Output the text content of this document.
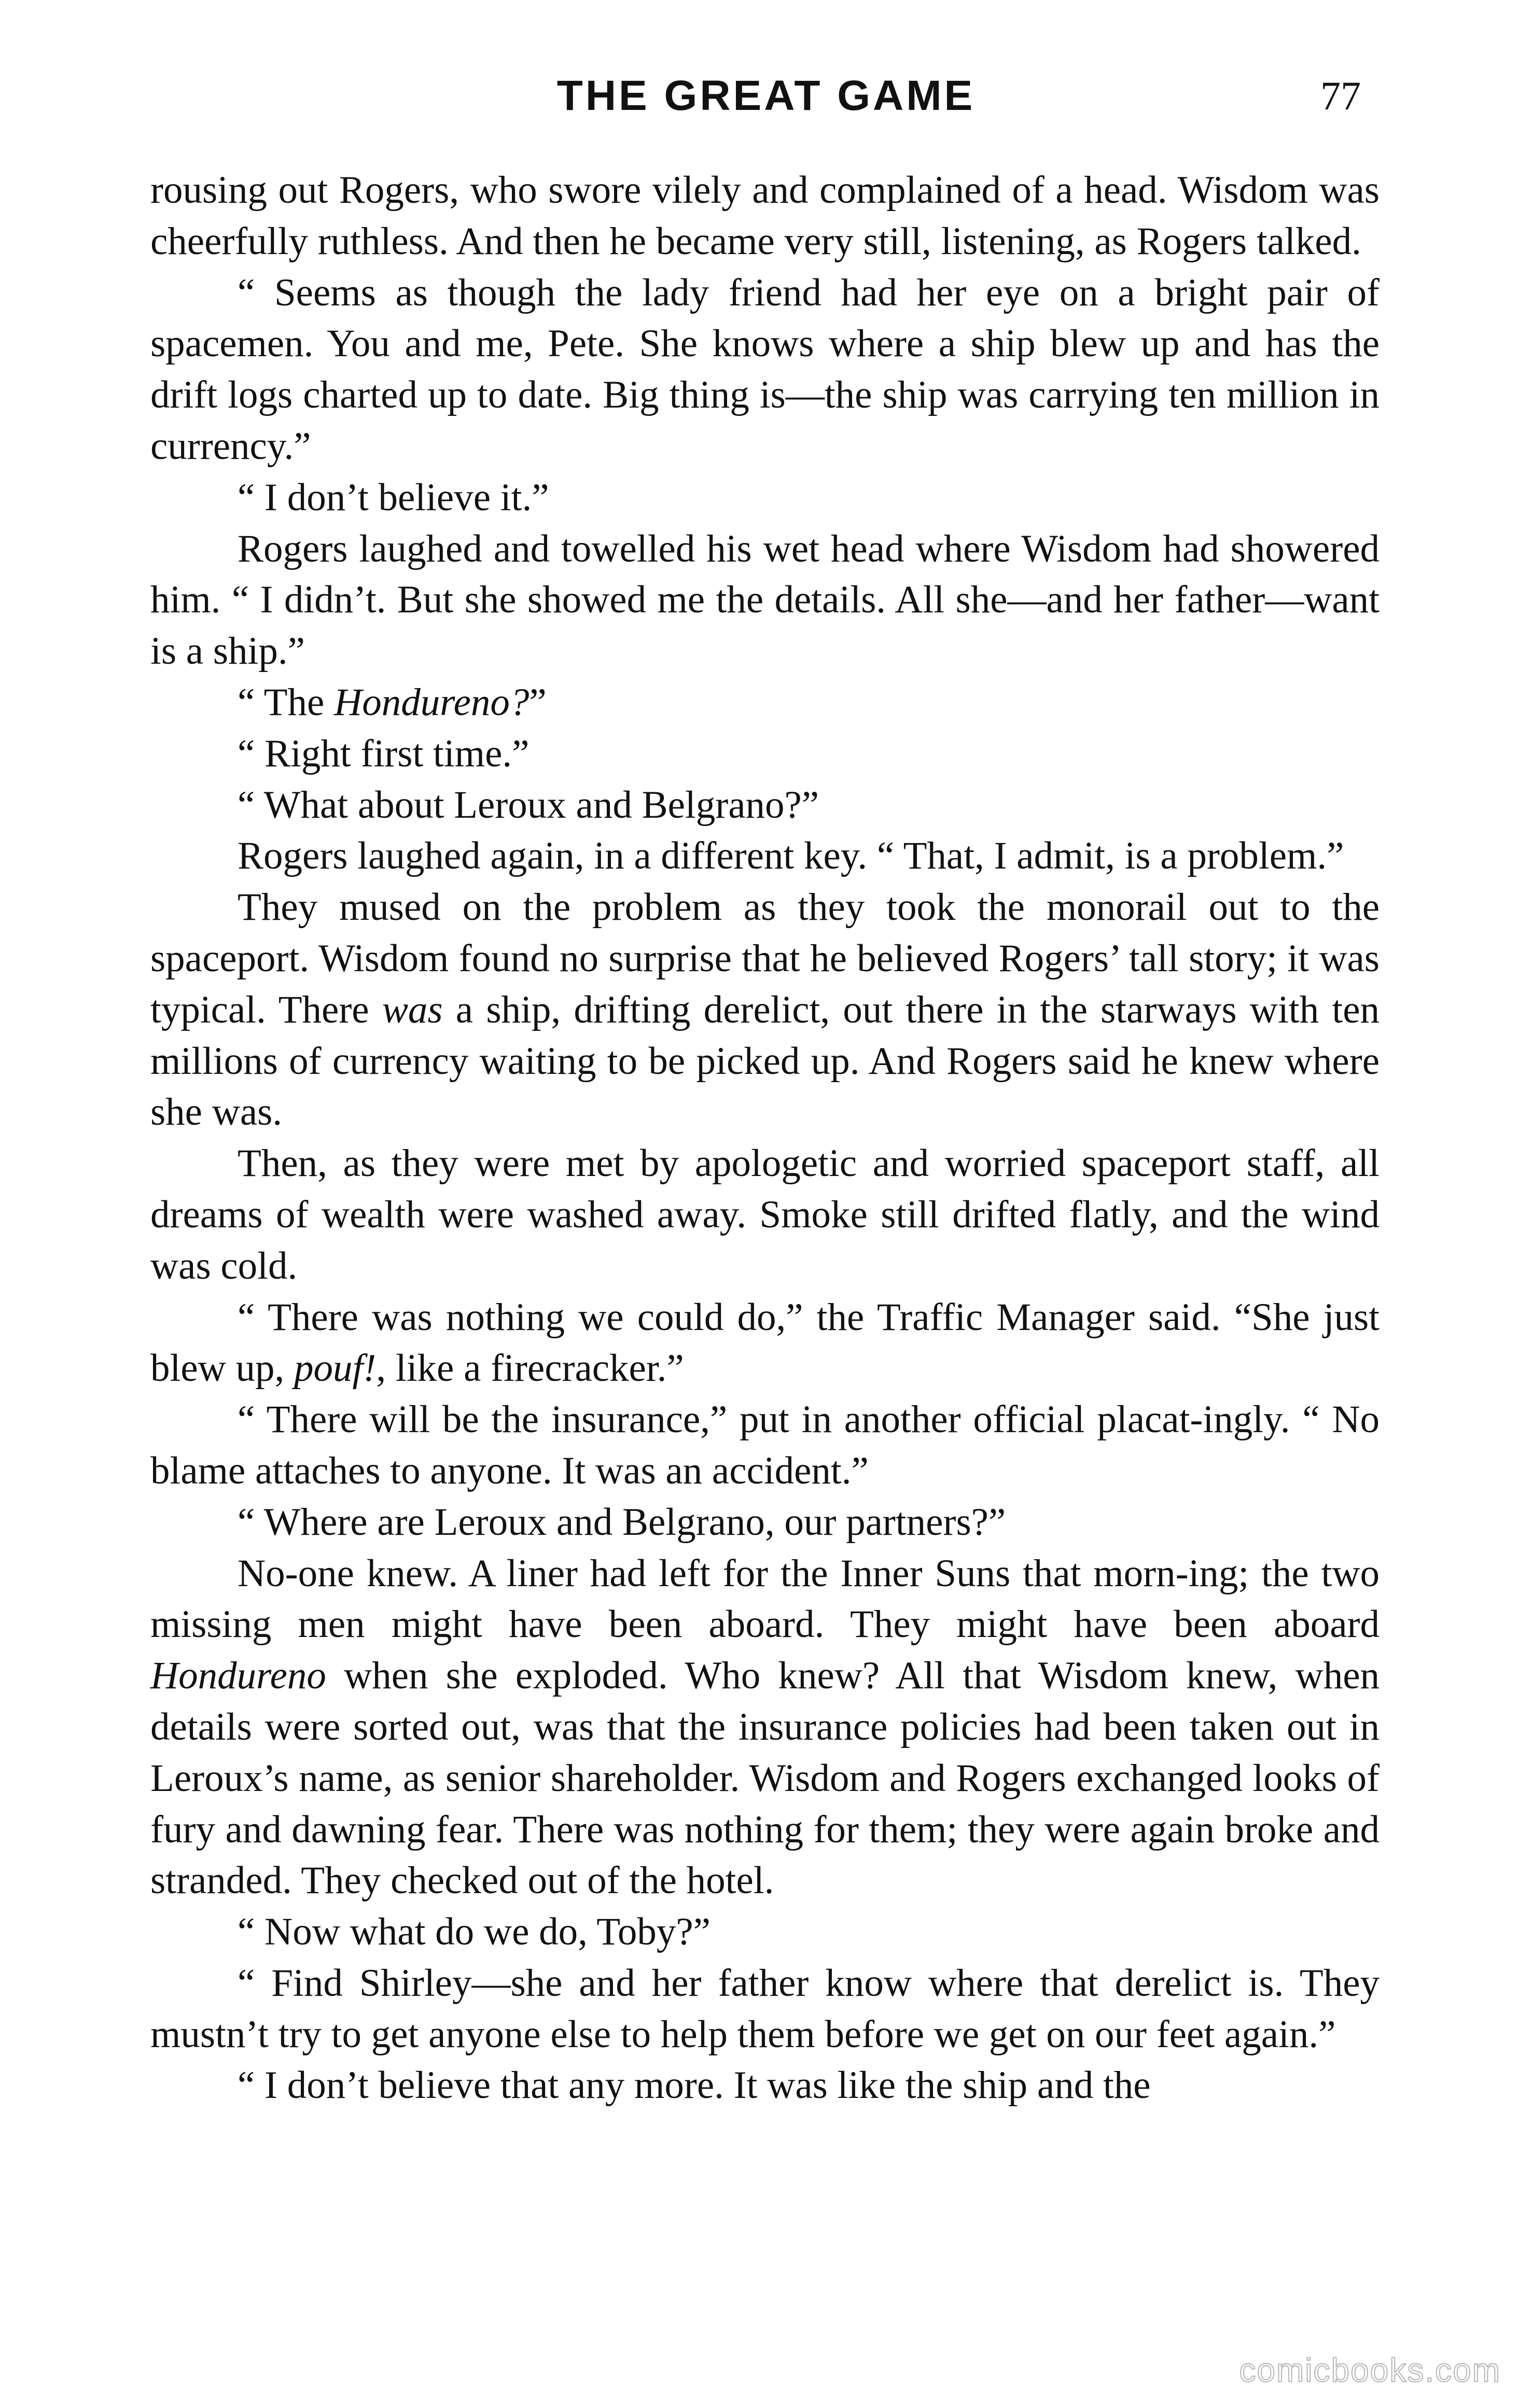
THE GREAT GAME	77

rousing out Rogers, who swore vilely and complained of a head. Wisdom was cheerfully ruthless. And then he became very still, listening, as Rogers talked.

“ Seems as though the lady friend had her eye on a bright pair of spacemen. You and me, Pete. She knows where a ship blew up and has the drift logs charted up to date. Big thing is—the ship was carrying ten million in currency.”

“ I don’t believe it.”

Rogers laughed and towelled his wet head where Wisdom had showered him. “ I didn’t. But she showed me the details. All she—and her father—want is a ship.”

“ The Hondureno?”

“ Right first time.”

“ What about Leroux and Belgrano?”

Rogers laughed again, in a different key. “ That, I admit, is a problem.”

They mused on the problem as they took the monorail out to the spaceport. Wisdom found no surprise that he believed Rogers’ tall story; it was typical. There was a ship, drifting derelict, out there in the starways with ten millions of currency waiting to be picked up. And Rogers said he knew where she was.

Then, as they were met by apologetic and worried spaceport staff, all dreams of wealth were washed away. Smoke still drifted flatly, and the wind was cold.

“ There was nothing we could do,” the Traffic Manager said. “She just blew up, pouf!, like a firecracker.”

“ There will be the insurance,” put in another official placat-ingly. “ No blame attaches to anyone. It was an accident.”

“ Where are Leroux and Belgrano, our partners?”

No-one knew. A liner had left for the Inner Suns that morn-ing; the two missing men might have been aboard. They might have been aboard Hondureno when she exploded. Who knew? All that Wisdom knew, when details were sorted out, was that the insurance policies had been taken out in Leroux’s name, as senior shareholder. Wisdom and Rogers exchanged looks of fury and dawning fear. There was nothing for them; they were again broke and stranded. They checked out of the hotel.

“ Now what do we do, Toby?”

“ Find Shirley—she and her father know where that derelict is. They mustn’t try to get anyone else to help them before we get on our feet again.”

“ I don’t believe that any more. It was like the ship and the

comicbooks.com
